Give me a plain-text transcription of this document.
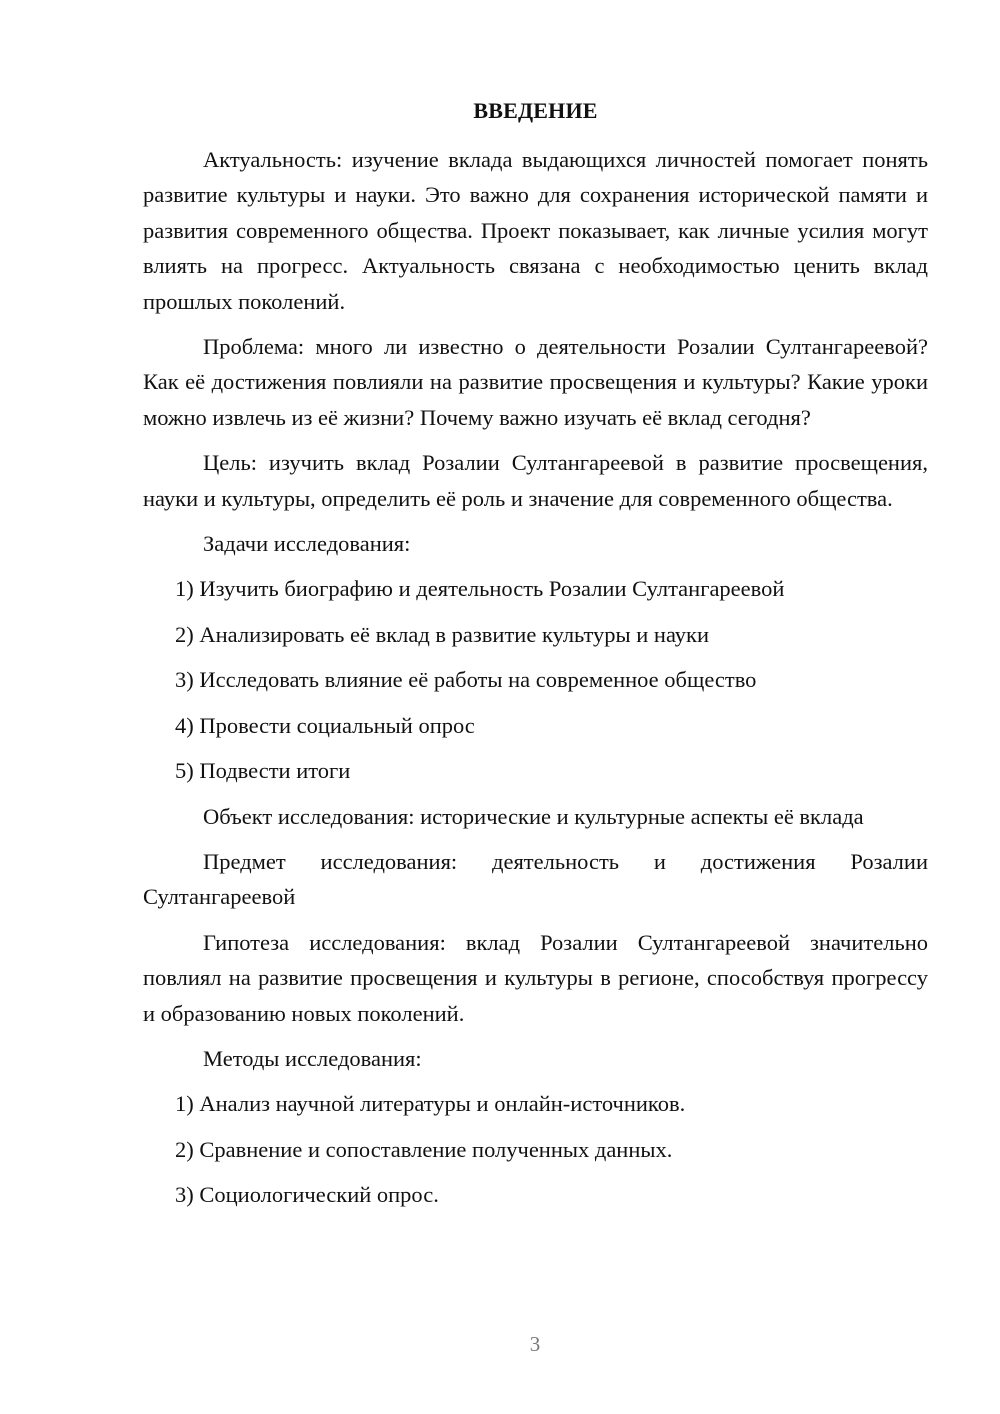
ВВЕДЕНИЕ

Актуальность: изучение вклада выдающихся личностей помогает понять развитие культуры и науки. Это важно для сохранения исторической памяти и развития современного общества. Проект показывает, как личные усилия могут влиять на прогресс. Актуальность связана с необходимостью ценить вклад прошлых поколений.

Проблема: много ли известно о деятельности Розалии Султангареевой? Как её достижения повлияли на развитие просвещения и культуры? Какие уроки можно извлечь из её жизни? Почему важно изучать её вклад сегодня?

Цель: изучить вклад Розалии Султангареевой в развитие просвещения, науки и культуры, определить её роль и значение для современного общества.

Задачи исследования:

1) Изучить биографию и деятельность Розалии Султангареевой
2) Анализировать её вклад в развитие культуры и науки
3) Исследовать влияние её работы на современное общество
4) Провести социальный опрос
5) Подвести итоги

Объект исследования: исторические и культурные аспекты её вклада

Предмет исследования: деятельность и достижения Розалии Султангареевой

Гипотеза исследования: вклад Розалии Султангареевой значительно повлиял на развитие просвещения и культуры в регионе, способствуя прогрессу и образованию новых поколений.

Методы исследования:

1) Анализ научной литературы и онлайн-источников.
2) Сравнение и сопоставление полученных данных.
3) Социологический опрос.
3
